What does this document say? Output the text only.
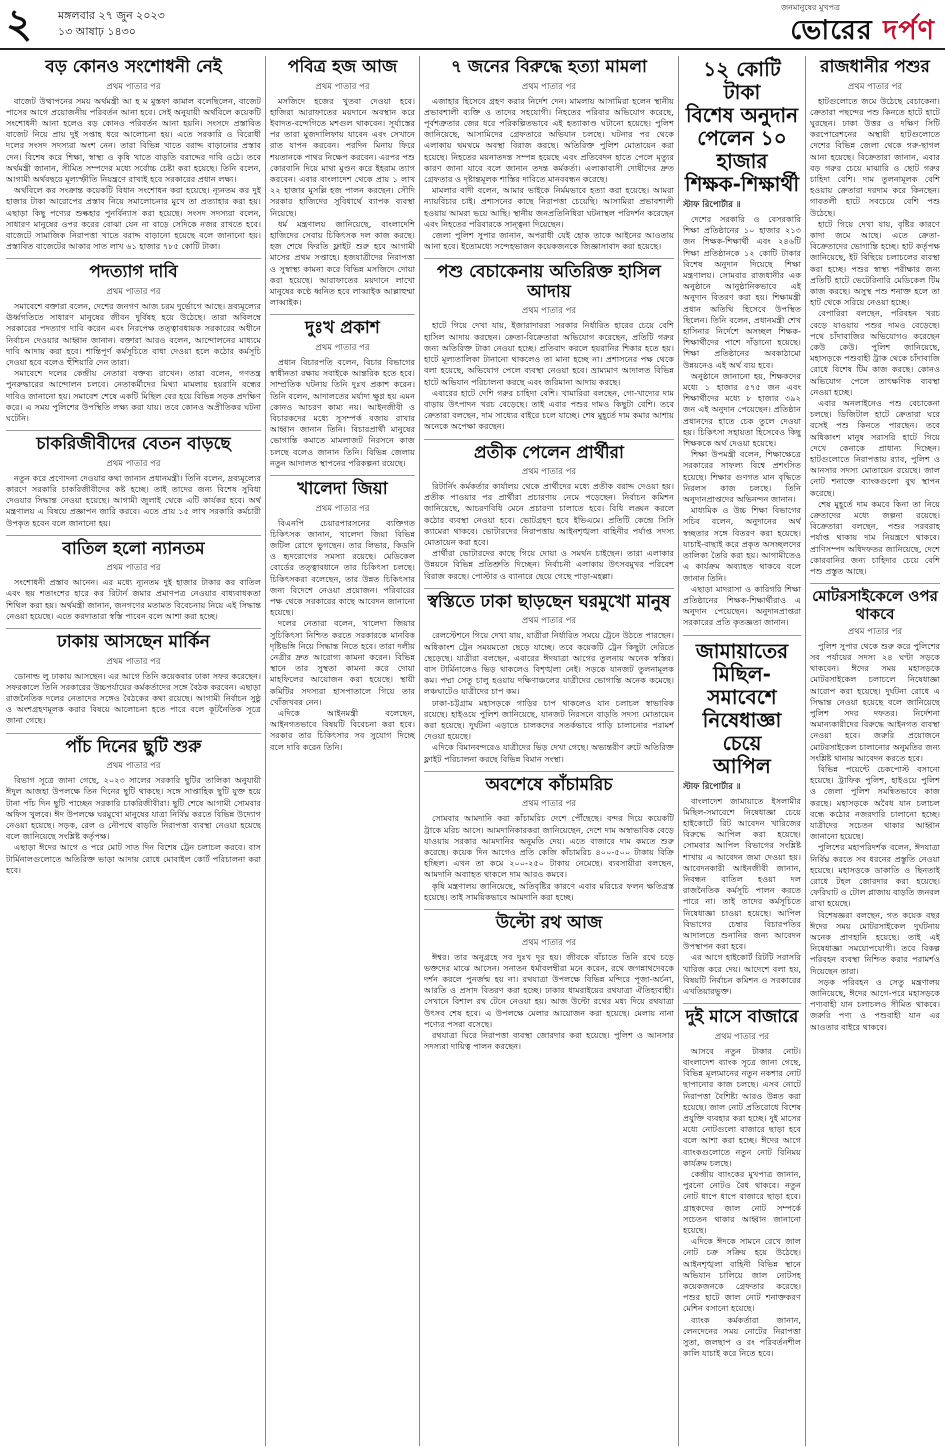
২ মঙ্গলবার ২৭ জুন ২০২৩
১৩ আষাঢ় ১৪৩০
জনমানুষের মুখপত্র
ভোরের দর্পণ
বড় কোনও সংশোধনী নেই
প্রথম পাতার পর

বাজেট উত্থাপনের সময় অর্থমন্ত্রী আ হ ম মুস্তফা কামাল বলেছিলেন, বাজেট পাসের আগে প্রয়োজনীয় পরিবর্তন আনা হবে। সেই অনুযায়ী অর্থবিলে কয়েকটি সংশোধনী আনা হলেও বড় কোনও পরিবর্তন আনা হয়নি। সংসদে প্রস্তাবিত বাজেট নিয়ে প্রায় দুই সপ্তাহ ধরে আলোচনা হয়। এতে সরকারি ও বিরোধী দলের সংসদ সদস্যরা অংশ নেন। তারা বিভিন্ন খাতে বরাদ্দ বাড়ানোর প্রস্তাব দেন। বিশেষ করে শিক্ষা, স্বাস্থ্য ও কৃষি খাতে বাড়তি বরাদ্দের দাবি ওঠে। তবে অর্থমন্ত্রী জানান, সীমিত সম্পদের মধ্যে সর্বোচ্চ চেষ্টা করা হয়েছে। তিনি বলেন, আগামী অর্থবছরে মূল্যস্ফীতি নিয়ন্ত্রণে রাখাই হবে সরকারের প্রধান লক্ষ্য।

অর্থবিলে কর সংক্রান্ত কয়েকটি বিধান সংশোধন করা হয়েছে। ন্যূনতম কর দুই হাজার টাকা আরোপের প্রস্তাব নিয়ে সমালোচনার মুখে তা প্রত্যাহার করা হয়। এছাড়া কিছু পণ্যের শুল্কহার পুনর্বিন্যাস করা হয়েছে। সংসদ সদস্যরা বলেন, সাধারণ মানুষের ওপর করের বোঝা যেন না বাড়ে সেদিকে নজর রাখতে হবে। বাজেটে সামাজিক নিরাপত্তা খাতে বরাদ্দ বাড়ানো হয়েছে বলে জানানো হয়। প্রস্তাবিত বাজেটের আকার সাত লাখ ৬১ হাজার ৭৮৫ কোটি টাকা।

পদত্যাগ দাবি
প্রথম পাতার পর

সমাবেশে বক্তারা বলেন, দেশের জনগণ আজ চরম দুর্ভোগে আছে। দ্রব্যমূল্যের ঊর্ধ্বগতিতে সাধারণ মানুষের জীবন দুর্বিষহ হয়ে উঠেছে। তারা অবিলম্বে সরকারের পদত্যাগ দাবি করেন এবং নিরপেক্ষ তত্ত্বাবধায়ক সরকারের অধীনে নির্বাচন দেওয়ার আহ্বান জানান। বক্তারা আরও বলেন, আন্দোলনের মাধ্যমে দাবি আদায় করা হবে। শান্তিপূর্ণ কর্মসূচিতে বাধা দেওয়া হলে কঠোর কর্মসূচি দেওয়া হবে বলেও হুঁশিয়ারি দেন তারা।

সমাবেশে দলের কেন্দ্রীয় নেতারা বক্তব্য রাখেন। তারা বলেন, গণতন্ত্র পুনরুদ্ধারের আন্দোলন চলবে। নেতাকর্মীদের মিথ্যা মামলায় হয়রানি বন্ধের দাবিও জানানো হয়। সমাবেশ শেষে একটি মিছিল বের হয়ে বিভিন্ন সড়ক প্রদক্ষিণ করে। এ সময় পুলিশের উপস্থিতি লক্ষ্য করা যায়। তবে কোনও অপ্রীতিকর ঘটনা ঘটেনি।

চাকরিজীবীদের বেতন বাড়ছে
প্রথম পাতার পর

নতুন করে প্রণোদনা দেওয়ার কথা জানান প্রধানমন্ত্রী। তিনি বলেন, দ্রব্যমূল্যের কারণে সরকারি চাকরিজীবীদের কষ্ট হচ্ছে। তাই তাদের জন্য বিশেষ সুবিধা দেওয়ার সিদ্ধান্ত নেওয়া হয়েছে। আগামী জুলাই থেকে এটি কার্যকর হবে। অর্থ মন্ত্রণালয় এ বিষয়ে প্রজ্ঞাপন জারি করবে। এতে প্রায় ১৫ লাখ সরকারি কর্মচারী উপকৃত হবেন বলে জানানো হয়।

বাতিল হলো ন্যানতম
প্রথম পাতার পর

সংশোধনী প্রস্তাব আনেন। এর মধ্যে ন্যূনতম দুই হাজার টাকার কর বাতিল এবং ছয় শতাংশের হারে কর রিটার্ন জমার প্রমাণপত্র নেওয়ার বাধ্যবাধকতা শিথিল করা হয়। অর্থমন্ত্রী জানান, জনগণের মতামত বিবেচনায় নিয়ে এই সিদ্ধান্ত নেওয়া হয়েছে। এতে করদাতারা স্বস্তি পাবেন বলে আশা করা হচ্ছে।

ঢাকায় আসছেন মার্কিন
প্রথম পাতার পর

ডোনাল্ড লু ঢাকায় আসছেন। এর আগে তিনি কয়েকবার ঢাকা সফর করেছেন। সফরকালে তিনি সরকারের উচ্চপর্যায়ের কর্মকর্তাদের সঙ্গে বৈঠক করবেন। এছাড়া রাজনৈতিক দলের নেতাদের সঙ্গেও বৈঠকের কথা রয়েছে। আগামী নির্বাচন সুষ্ঠু ও অংশগ্রহণমূলক করার বিষয়ে আলোচনা হতে পারে বলে কূটনৈতিক সূত্রে জানা গেছে।

পাঁচ দিনের ছুটি শুরু
প্রথম পাতার পর

বিভাগ সূত্রে জানা গেছে, ২০২৩ সালের সরকারি ছুটির তালিকা অনুযায়ী ঈদুল আজহা উপলক্ষে তিন দিনের ছুটি থাকছে। সঙ্গে সাপ্তাহিক ছুটি যুক্ত হয়ে টানা পাঁচ দিন ছুটি পাচ্ছেন সরকারি চাকরিজীবীরা। ছুটি শেষে আগামী সোমবার অফিস খুলবে। ঈদ উপলক্ষে ঘরমুখো মানুষের যাত্রা নির্বিঘ্ন করতে বিভিন্ন উদ্যোগ নেওয়া হয়েছে। সড়ক, রেল ও নৌপথে বাড়তি নিরাপত্তা ব্যবস্থা নেওয়া হয়েছে বলে জানিয়েছে সংশ্লিষ্ট কর্তৃপক্ষ।

এছাড়া ঈদের আগে ও পরে মোট সাত দিন বিশেষ ট্রেন চলাচল করবে। বাস টার্মিনালগুলোতে অতিরিক্ত ভাড়া আদায় রোধে মোবাইল কোর্ট পরিচালনা করা হবে।

পবিত্র হজ আজ
প্রথম পাতার পর

মসজিদে হজের খুতবা দেওয়া হবে। হাজিরা আরাফাতের ময়দানে অবস্থান করে ইবাদত-বন্দেগিতে মশগুল থাকবেন। সূর্যাস্তের পর তারা মুজদালিফায় যাবেন এবং সেখানে রাত যাপন করবেন। পরদিন মিনায় ফিরে শয়তানকে পাথর নিক্ষেপ করবেন। এরপর পশু কোরবানি দিয়ে মাথা মুণ্ডন করে ইহরাম ত্যাগ করবেন। এবার বাংলাদেশ থেকে প্রায় ১ লাখ ২২ হাজার মুসল্লি হজ পালন করছেন। সৌদি সরকার হাজিদের সুবিধার্থে ব্যাপক ব্যবস্থা নিয়েছে।

ধর্ম মন্ত্রণালয় জানিয়েছে, বাংলাদেশি হাজিদের সেবায় চিকিৎসক দল কাজ করছে। হজ শেষে ফিরতি ফ্লাইট শুরু হবে আগামী মাসের প্রথম সপ্তাহে। হজযাত্রীদের নিরাপত্তা ও সুস্বাস্থ্য কামনা করে বিভিন্ন মসজিদে দোয়া করা হয়েছে। আরাফাতের ময়দানে লাখো মানুষের কণ্ঠে ধ্বনিত হবে লাব্বাইক আল্লাহুম্মা লাব্বাইক।

দুঃখ প্রকাশ
প্রথম পাতার পর

প্রধান বিচারপতি বলেন, বিচার বিভাগের স্বাধীনতা রক্ষায় সবাইকে আন্তরিক হতে হবে। সাম্প্রতিক ঘটনায় তিনি দুঃখ প্রকাশ করেন। তিনি বলেন, আদালতের মর্যাদা ক্ষুণ্ণ হয় এমন কোনও আচরণ কাম্য নয়। আইনজীবী ও বিচারকদের মধ্যে সুসম্পর্ক বজায় রাখার আহ্বান জানান তিনি। বিচারপ্রার্থী মানুষের ভোগান্তি কমাতে মামলাজট নিরসনে কাজ চলছে বলেও জানান তিনি। বিভিন্ন জেলায় নতুন আদালত স্থাপনের পরিকল্পনা রয়েছে।

খালেদা জিয়া
প্রথম পাতার পর

বিএনপি চেয়ারপারসনের ব্যক্তিগত চিকিৎসক জানান, খালেদা জিয়া বিভিন্ন জটিল রোগে ভুগছেন। তার লিভার, কিডনি ও হৃদরোগের সমস্যা রয়েছে। মেডিকেল বোর্ডের তত্ত্বাবধানে তার চিকিৎসা চলছে। চিকিৎসকরা বলেছেন, তার উন্নত চিকিৎসার জন্য বিদেশে নেওয়া প্রয়োজন। পরিবারের পক্ষ থেকে সরকারের কাছে আবেদন জানানো হয়েছে।

দলের নেতারা বলেন, খালেদা জিয়ার সুচিকিৎসা নিশ্চিত করতে সরকারকে মানবিক দৃষ্টিভঙ্গি নিয়ে সিদ্ধান্ত নিতে হবে। তারা দলীয় নেত্রীর দ্রুত আরোগ্য কামনা করেন। বিভিন্ন স্থানে তার সুস্থতা কামনা করে দোয়া মাহফিলের আয়োজন করা হয়েছে। স্থায়ী কমিটির সদস্যরা হাসপাতালে গিয়ে তার খোঁজখবর নেন।

এদিকে আইনমন্ত্রী বলেছেন, আইনগতভাবে বিষয়টি বিবেচনা করা হবে। সরকার তার চিকিৎসার সব সুযোগ দিচ্ছে বলে দাবি করেন তিনি।

৭ জনের বিরুদ্ধে হত্যা মামলা
প্রথম পাতার পর

এজাহার হিসেবে গ্রহণ করার নির্দেশ দেন। মামলায় আসামিরা হলেন স্থানীয় প্রভাবশালী ব্যক্তি ও তাদের সহযোগী। নিহতের পরিবার অভিযোগ করেছে, পূর্বশত্রুতার জের ধরে পরিকল্পিতভাবে এই হত্যাকাণ্ড ঘটানো হয়েছে। পুলিশ জানিয়েছে, আসামিদের গ্রেফতারে অভিযান চলছে। ঘটনার পর থেকে এলাকায় থমথমে অবস্থা বিরাজ করছে। অতিরিক্ত পুলিশ মোতায়েন করা হয়েছে। নিহতের ময়নাতদন্ত সম্পন্ন হয়েছে এবং প্রতিবেদন হাতে পেলে মৃত্যুর কারণ জানা যাবে বলে জানান তদন্ত কর্মকর্তা। এলাকাবাসী দোষীদের দ্রুত গ্রেফতার ও দৃষ্টান্তমূলক শাস্তির দাবিতে মানববন্ধন করেছে।

মামলার বাদী বলেন, আমার ভাইকে নির্মমভাবে হত্যা করা হয়েছে। আমরা ন্যায়বিচার চাই। প্রশাসনের কাছে নিরাপত্তা চেয়েছি। আসামিরা প্রভাবশালী হওয়ায় আমরা ভয়ে আছি। স্থানীয় জনপ্রতিনিধিরা ঘটনাস্থল পরিদর্শন করেছেন এবং নিহতের পরিবারকে সান্ত্বনা দিয়েছেন।

জেলা পুলিশ সুপার জানান, অপরাধী যেই হোক তাকে আইনের আওতায় আনা হবে। ইতোমধ্যে সন্দেহভাজন কয়েকজনকে জিজ্ঞাসাবাদ করা হয়েছে।

পশু বেচাকেনায় অতিরিক্ত হাসিল আদায়
প্রথম পাতার পর

হাটে গিয়ে দেখা যায়, ইজারাদাররা সরকার নির্ধারিত হারের চেয়ে বেশি হাসিল আদায় করছেন। ক্রেতা-বিক্রেতারা অভিযোগ করেছেন, প্রতিটি গরুর জন্য অতিরিক্ত টাকা নেওয়া হচ্ছে। প্রতিবাদ করলে হয়রানির শিকার হতে হয়। হাটে মূল্যতালিকা টানানো থাকলেও তা মানা হচ্ছে না। প্রশাসনের পক্ষ থেকে বলা হয়েছে, অভিযোগ পেলে ব্যবস্থা নেওয়া হবে। ভ্রাম্যমাণ আদালত বিভিন্ন হাটে অভিযান পরিচালনা করছে এবং জরিমানা আদায় করছে।

এবারের হাটে দেশি গরুর চাহিদা বেশি। খামারিরা বলছেন, গো-খাদ্যের দাম বাড়ায় উৎপাদন খরচ বেড়েছে। তাই এবার পশুর দামও কিছুটা বেশি। তবে ক্রেতারা বলছেন, দাম সাধ্যের বাইরে চলে যাচ্ছে। শেষ মুহূর্তে দাম কমার আশায় অনেকে অপেক্ষা করছেন।

প্রতীক পেলেন প্রার্থীরা
প্রথম পাতার পর

রিটার্নিং কর্মকর্তার কার্যালয় থেকে প্রার্থীদের মধ্যে প্রতীক বরাদ্দ দেওয়া হয়। প্রতীক পাওয়ার পর প্রার্থীরা প্রচারণায় নেমে পড়েছেন। নির্বাচন কমিশন জানিয়েছে, আচরণবিধি মেনে প্রচারণা চালাতে হবে। বিধি লঙ্ঘন করলে কঠোর ব্যবস্থা নেওয়া হবে। ভোটগ্রহণ হবে ইভিএমে। প্রতিটি কেন্দ্রে সিসি ক্যামেরা থাকবে। ভোটারদের নিরাপত্তায় আইনশৃঙ্খলা বাহিনীর পর্যাপ্ত সদস্য মোতায়েন করা হবে।

প্রার্থীরা ভোটারদের কাছে গিয়ে দোয়া ও সমর্থন চাইছেন। তারা এলাকার উন্নয়নে বিভিন্ন প্রতিশ্রুতি দিচ্ছেন। নির্বাচনী এলাকায় উৎসবমুখর পরিবেশ বিরাজ করছে। পোস্টার ও ব্যানারে ছেয়ে গেছে পাড়া-মহল্লা।

স্বস্তিতে ঢাকা ছাড়ছেন ঘরমুখো মানুষ
প্রথম পাতার পর

রেলস্টেশনে গিয়ে দেখা যায়, যাত্রীরা নির্ধারিত সময়ে ট্রেনে উঠতে পারছেন। অধিকাংশ ট্রেন সময়মতো ছেড়ে যাচ্ছে। তবে কয়েকটি ট্রেন কিছুটা দেরিতে ছেড়েছে। যাত্রীরা বলছেন, এবারের ঈদযাত্রা আগের তুলনায় অনেক স্বস্তির। বাস টার্মিনালেও ভিড় থাকলেও বিশৃঙ্খলা নেই। সড়কে যানজট তুলনামূলক কম। পদ্মা সেতু চালু হওয়ায় দক্ষিণাঞ্চলের যাত্রীদের ভোগান্তি অনেক কমেছে। লঞ্চঘাটেও যাত্রীদের চাপ কম।

ঢাকা-চট্টগ্রাম মহাসড়কে গাড়ির চাপ থাকলেও যান চলাচল স্বাভাবিক রয়েছে। হাইওয়ে পুলিশ জানিয়েছে, যানজট নিরসনে বাড়তি সদস্য মোতায়েন করা হয়েছে। দুর্ঘটনা এড়াতে চালকদের সতর্কভাবে গাড়ি চালানোর পরামর্শ দেওয়া হয়েছে।

এদিকে বিমানবন্দরেও যাত্রীদের ভিড় দেখা গেছে। অভ্যন্তরীণ রুটে অতিরিক্ত ফ্লাইট পরিচালনা করছে বিভিন্ন বিমান সংস্থা।

অবশেষে কাঁচামরিচ
প্রথম পাতার পর

সোমবার আমদানি করা কাঁচামরিচ দেশে পৌঁছেছে। বন্দর দিয়ে কয়েকটি ট্রাকে মরিচ আসে। আমদানিকারকরা জানিয়েছেন, দেশে দাম অস্বাভাবিক বেড়ে যাওয়ায় সরকার আমদানির অনুমতি দেয়। এতে বাজারে দাম কমতে শুরু করেছে। কয়েক দিন আগেও প্রতি কেজি কাঁচামরিচ ৪০০-৫০০ টাকায় বিক্রি হচ্ছিল। এখন তা কমে ২০০-২৫০ টাকায় নেমেছে। ব্যবসায়ীরা বলছেন, আমদানি অব্যাহত থাকলে দাম আরও কমবে।

কৃষি মন্ত্রণালয় জানিয়েছে, অতিবৃষ্টির কারণে এবার মরিচের ফলন ক্ষতিগ্রস্ত হয়েছে। তাই সাময়িকভাবে আমদানি করা হচ্ছে।

উল্টো রথ আজ
প্রথম পাতার পর

ঈশ্বর। তার অনুগ্রহে সব দুঃখ দূর হয়। জীবকে বাঁচাতে তিনি রথে চড়ে ভক্তদের মাঝে আসেন। সনাতন ধর্মাবলম্বীরা মনে করেন, রথে জগন্নাথদেবকে দর্শন করলে পুনর্জন্ম হয় না। রথযাত্রা উপলক্ষে বিভিন্ন মন্দিরে পূজা-অর্চনা, আরতি ও প্রসাদ বিতরণ করা হচ্ছে। ঢাকার ধামরাইয়ের রথযাত্রা ঐতিহ্যবাহী। সেখানে বিশাল রথ টেনে নেওয়া হয়। আজ উল্টো রথের মধ্য দিয়ে রথযাত্রা উৎসব শেষ হবে। এ উপলক্ষে মেলার আয়োজন করা হয়েছে। মেলায় নানা পণ্যের পসরা বসেছে।

রথযাত্রা ঘিরে নিরাপত্তা ব্যবস্থা জোরদার করা হয়েছে। পুলিশ ও আনসার সদস্যরা দায়িত্ব পালন করছেন।

১২ কোটি টাকা
বিশেষ অনুদান
পেলেন ১০ হাজার
শিক্ষক-শিক্ষার্থী
স্টাফ রিপোর্টার ॥

দেশের সরকারি ও বেসরকারি শিক্ষা প্রতিষ্ঠানের ১০ হাজার ২১৩ জন শিক্ষক-শিক্ষার্থী এবং ২৪৬টি শিক্ষা প্রতিষ্ঠানকে ১২ কোটি টাকার বিশেষ অনুদান দিয়েছে শিক্ষা মন্ত্রণালয়। সোমবার রাজধানীর এক অনুষ্ঠানে আনুষ্ঠানিকভাবে এই অনুদান বিতরণ করা হয়। শিক্ষামন্ত্রী প্রধান অতিথি হিসেবে উপস্থিত ছিলেন। তিনি বলেন, প্রধানমন্ত্রী শেখ হাসিনার নির্দেশে অসচ্ছল শিক্ষক-শিক্ষার্থীদের পাশে দাঁড়ানো হয়েছে। শিক্ষা প্রতিষ্ঠানের অবকাঠামো উন্নয়নেও এই অর্থ ব্যয় হবে।

অনুষ্ঠানে জানানো হয়, শিক্ষকদের মধ্যে ১ হাজার ৫৭৫ জন এবং শিক্ষার্থীদের মধ্যে ৮ হাজার ৩৯২ জন এই অনুদান পেয়েছেন। প্রতিষ্ঠান প্রধানদের হাতে চেক তুলে দেওয়া হয়। চিকিৎসা সহায়তা হিসেবেও কিছু শিক্ষককে অর্থ দেওয়া হয়েছে।

শিক্ষা উপমন্ত্রী বলেন, শিক্ষাক্ষেত্রে সরকারের সাফল্য বিশ্বে প্রশংসিত হয়েছে। শিক্ষার গুণগত মান বৃদ্ধিতে নিরলস কাজ চলছে। তিনি অনুদানপ্রাপ্তদের অভিনন্দন জানান।

মাধ্যমিক ও উচ্চ শিক্ষা বিভাগের সচিব বলেন, অনুদানের অর্থ স্বচ্ছতার সঙ্গে বিতরণ করা হয়েছে। যাচাই-বাছাই করে প্রকৃত অসচ্ছলদের তালিকা তৈরি করা হয়। আগামীতেও এ কার্যক্রম অব্যাহত থাকবে বলে জানান তিনি।

এছাড়া মাদরাসা ও কারিগরি শিক্ষা প্রতিষ্ঠানের শিক্ষক-শিক্ষার্থীরাও এ অনুদান পেয়েছেন। অনুদানপ্রাপ্তরা সরকারের প্রতি কৃতজ্ঞতা জানান।

জামায়াতের
মিছিল-সমাবেশে
নিষেধাজ্ঞা চেয়ে
আপিল
স্টাফ রিপোর্টার ॥

বাংলাদেশ জামায়াতে ইসলামীর মিছিল-সমাবেশে নিষেধাজ্ঞা চেয়ে হাইকোর্টে রিট আবেদন খারিজের বিরুদ্ধে আপিল করা হয়েছে। সোমবার আপিল বিভাগের সংশ্লিষ্ট শাখায় এ আবেদন জমা দেওয়া হয়। আবেদনকারী আইনজীবী জানান, নিবন্ধন বাতিল হওয়া দল রাজনৈতিক কর্মসূচি পালন করতে পারে না। তাই তাদের কর্মসূচিতে নিষেধাজ্ঞা চাওয়া হয়েছে। আপিল বিভাগের চেম্বার বিচারপতির আদালতে শুনানির জন্য আবেদন উপস্থাপন করা হবে।

এর আগে হাইকোর্ট রিটটি সরাসরি খারিজ করে দেয়। আদেশে বলা হয়, বিষয়টি নির্বাচন কমিশন ও সরকারের এখতিয়ারভুক্ত।

দুই মাসে বাজারে
প্রথম পাতার পর

আসবে নতুন টাকার নোট। বাংলাদেশ ব্যাংক সূত্রে জানা গেছে, বিভিন্ন মূল্যমানের নতুন নকশার নোট ছাপানোর কাজ চলছে। এসব নোটে নিরাপত্তা বৈশিষ্ট্য আরও উন্নত করা হয়েছে। জাল নোট প্রতিরোধে বিশেষ প্রযুক্তি ব্যবহার করা হচ্ছে। দুই মাসের মধ্যে নোটগুলো বাজারে ছাড়া হবে বলে আশা করা হচ্ছে। ঈদের আগে ব্যাংকগুলোতে নতুন নোট বিনিময় কার্যক্রম চলছে।

কেন্দ্রীয় ব্যাংকের মুখপাত্র জানান, পুরনো নোটও বৈধ থাকবে। নতুন নোট ধাপে ধাপে বাজারে ছাড়া হবে। গ্রাহকদের জাল নোট সম্পর্কে সচেতন থাকার আহ্বান জানানো হয়েছে।

এদিকে ঈদকে সামনে রেখে জাল নোট চক্র সক্রিয় হয়ে উঠেছে। আইনশৃঙ্খলা বাহিনী বিভিন্ন স্থানে অভিযান চালিয়ে জাল নোটসহ কয়েকজনকে গ্রেফতার করেছে। পশুর হাটে জাল নোট শনাক্তকরণ মেশিন বসানো হয়েছে।

ব্যাংক কর্মকর্তারা জানান, লেনদেনের সময় নোটের নিরাপত্তা সুতা, জলছাপ ও রং পরিবর্তনশীল কালি যাচাই করে নিতে হবে।

রাজধানীর পশুর
প্রথম পাতার পর

হাটগুলোতে জমে উঠেছে বেচাকেনা। ক্রেতারা পছন্দের পশু কিনতে হাটে হাটে ঘুরছেন। ঢাকা উত্তর ও দক্ষিণ সিটি করপোরেশনের অস্থায়ী হাটগুলোতে দেশের বিভিন্ন জেলা থেকে গরু-ছাগল আনা হয়েছে। বিক্রেতারা জানান, এবার বড় গরুর চেয়ে মাঝারি ও ছোট গরুর চাহিদা বেশি। দাম তুলনামূলক বেশি হওয়ায় ক্রেতারা দরদাম করে কিনছেন। গাবতলী হাটে সবচেয়ে বেশি পশু উঠেছে।

হাটে গিয়ে দেখা যায়, বৃষ্টির কারণে কাদা জমে আছে। এতে ক্রেতা-বিক্রেতাদের ভোগান্তি হচ্ছে। হাট কর্তৃপক্ষ জানিয়েছে, ইট বিছিয়ে চলাচলের ব্যবস্থা করা হচ্ছে। পশুর স্বাস্থ্য পরীক্ষার জন্য প্রতিটি হাটে ভেটেরিনারি মেডিকেল টিম কাজ করছে। অসুস্থ পশু শনাক্ত হলে তা হাট থেকে সরিয়ে নেওয়া হচ্ছে।

বেপারিরা বলছেন, পরিবহন খরচ বেড়ে যাওয়ায় পশুর দামও বেড়েছে। পথে চাঁদাবাজির অভিযোগও করেছেন কেউ কেউ। পুলিশ জানিয়েছে, মহাসড়কে পশুবাহী ট্রাক থেকে চাঁদাবাজি রোধে বিশেষ টিম কাজ করছে। কোনও অভিযোগ পেলে তাৎক্ষণিক ব্যবস্থা নেওয়া হচ্ছে।

এবার অনলাইনেও পশু বেচাকেনা চলছে। ডিজিটাল হাটে ক্রেতারা ঘরে বসেই পশু কিনতে পারছেন। তবে অধিকাংশ মানুষ সরাসরি হাটে গিয়ে দেখে কেনাকে প্রাধান্য দিচ্ছেন। হাটগুলোতে নিরাপত্তায় র‌্যাব, পুলিশ ও আনসার সদস্য মোতায়েন রয়েছে। জাল নোট শনাক্তে ব্যাংকগুলো বুথ স্থাপন করেছে।

শেষ মুহূর্তে দাম কমবে কিনা তা নিয়ে ক্রেতাদের মধ্যে জল্পনা রয়েছে। বিক্রেতারা বলছেন, পশুর সরবরাহ পর্যাপ্ত থাকায় দাম নিয়ন্ত্রণে থাকবে। প্রাণিসম্পদ অধিদফতর জানিয়েছে, দেশে কোরবানির জন্য চাহিদার চেয়ে বেশি পশু প্রস্তুত আছে।

মোটরসাইকেলে ওপর থাকবে
প্রথম পাতার পর

পুলিশ সুপার থেকে শুরু করে পুলিশের সব পর্যায়ের সদস্য ২৪ ঘণ্টা সড়কে থাকবেন। ঈদের সময় মহাসড়কে মোটরসাইকেল চলাচলে নিষেধাজ্ঞা আরোপ করা হয়েছে। দুর্ঘটনা রোধে এ সিদ্ধান্ত নেওয়া হয়েছে বলে জানিয়েছে পুলিশ সদর দফতর। নির্দেশনা অমান্যকারীদের বিরুদ্ধে আইনগত ব্যবস্থা নেওয়া হবে। জরুরি প্রয়োজনে মোটরসাইকেল চালানোর অনুমতির জন্য সংশ্লিষ্ট থানায় আবেদন করতে হবে।

বিভিন্ন পয়েন্টে চেকপোস্ট বসানো হয়েছে। ট্রাফিক পুলিশ, হাইওয়ে পুলিশ ও জেলা পুলিশ সমন্বিতভাবে কাজ করছে। মহাসড়কে অবৈধ যান চলাচল বন্ধে কঠোর নজরদারি চালানো হচ্ছে। যাত্রীদের সচেতন থাকার আহ্বান জানানো হয়েছে।

পুলিশের মহাপরিদর্শক বলেন, ঈদযাত্রা নির্বিঘ্ন করতে সব ধরনের প্রস্তুতি নেওয়া হয়েছে। মহাসড়কে ডাকাতি ও ছিনতাই রোধে টহল জোরদার করা হয়েছে। ফেরিঘাট ও টোল প্লাজায় বাড়তি জনবল রাখা হয়েছে।

বিশেষজ্ঞরা বলছেন, গত কয়েক বছর ঈদের সময় মোটরসাইকেল দুর্ঘটনায় অনেক প্রাণহানি হয়েছে। তাই এই নিষেধাজ্ঞা সময়োপযোগী। তবে বিকল্প পরিবহন ব্যবস্থা নিশ্চিত করার পরামর্শও দিয়েছেন তারা।

সড়ক পরিবহন ও সেতু মন্ত্রণালয় জানিয়েছে, ঈদের আগে-পরে মহাসড়কে পণ্যবাহী যান চলাচলও সীমিত থাকবে। জরুরি পণ্য ও পশুবাহী যান এর আওতার বাইরে থাকবে।
